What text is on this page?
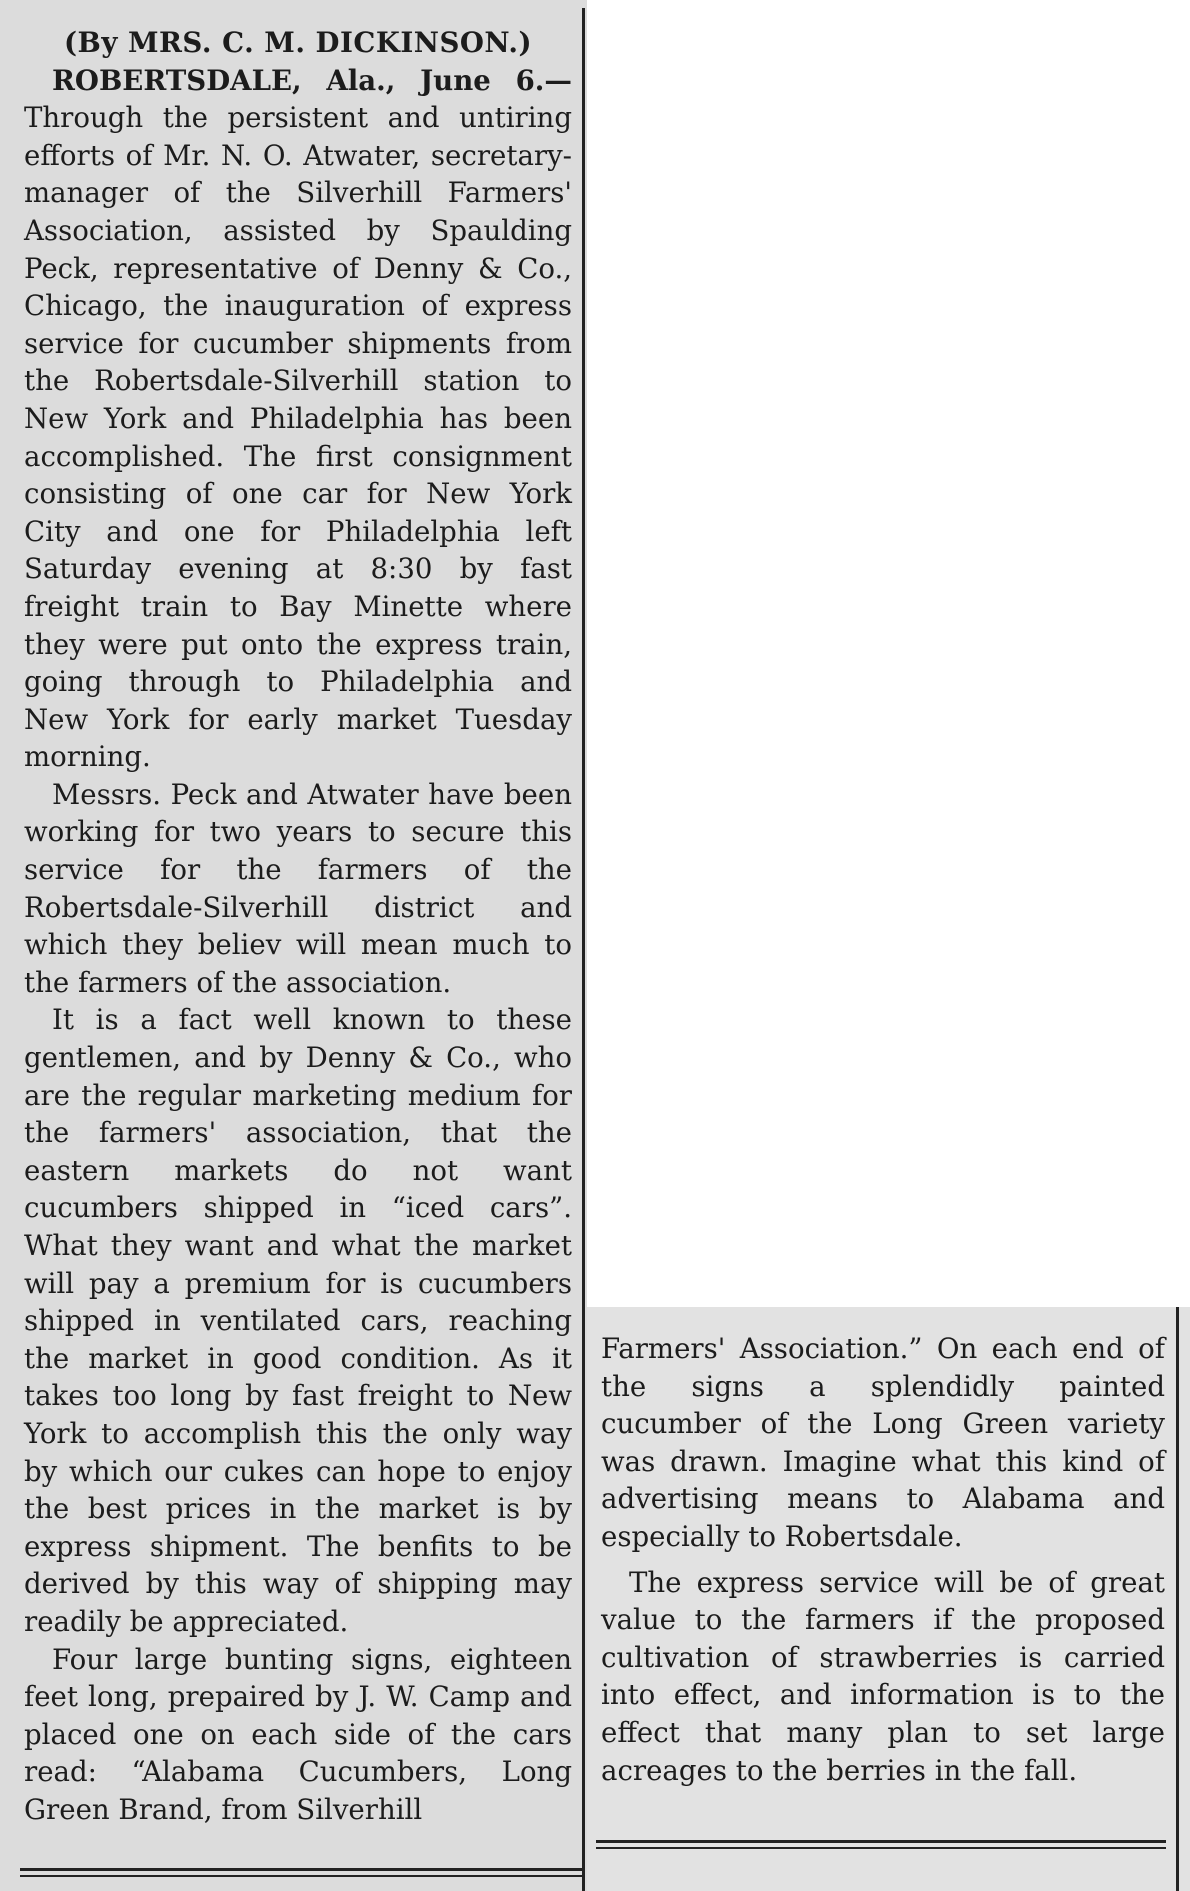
(By MRS. C. M. DICKINSON.)

ROBERTSDALE, Ala., June 6.—Through the persistent and untiring efforts of Mr. N. O. Atwater, secretary-manager of the Silverhill Farmers' Association, assisted by Spaulding Peck, representative of Denny & Co., Chicago, the inauguration of express service for cucumber shipments from the Robertsdale-Silverhill station to New York and Philadelphia has been accomplished. The first consignment consisting of one car for New York City and one for Philadelphia left Saturday evening at 8:30 by fast freight train to Bay Minette where they were put onto the express train, going through to Philadelphia and New York for early market Tuesday morning.

Messrs. Peck and Atwater have been working for two years to secure this service for the farmers of the Robertsdale-Silverhill district and which they believ will mean much to the farmers of the association.

It is a fact well known to these gentlemen, and by Denny & Co., who are the regular marketing medium for the farmers' association, that the eastern markets do not want cucumbers shipped in “iced cars”. What they want and what the market will pay a premium for is cucumbers shipped in ventilated cars, reaching the market in good condition. As it takes too long by fast freight to New York to accomplish this the only way by which our cukes can hope to enjoy the best prices in the market is by express shipment. The benfits to be derived by this way of shipping may readily be appreciated.

Four large bunting signs, eighteen feet long, prepaired by J. W. Camp and placed one on each side of the cars read: “Alabama Cucumbers, Long Green Brand, from Silverhill

Farmers' Association.” On each end of the signs a splendidly painted cucumber of the Long Green variety was drawn. Imagine what this kind of advertising means to Alabama and especially to Robertsdale.

The express service will be of great value to the farmers if the proposed cultivation of strawberries is carried into effect, and information is to the effect that many plan to set large acreages to the berries in the fall.
